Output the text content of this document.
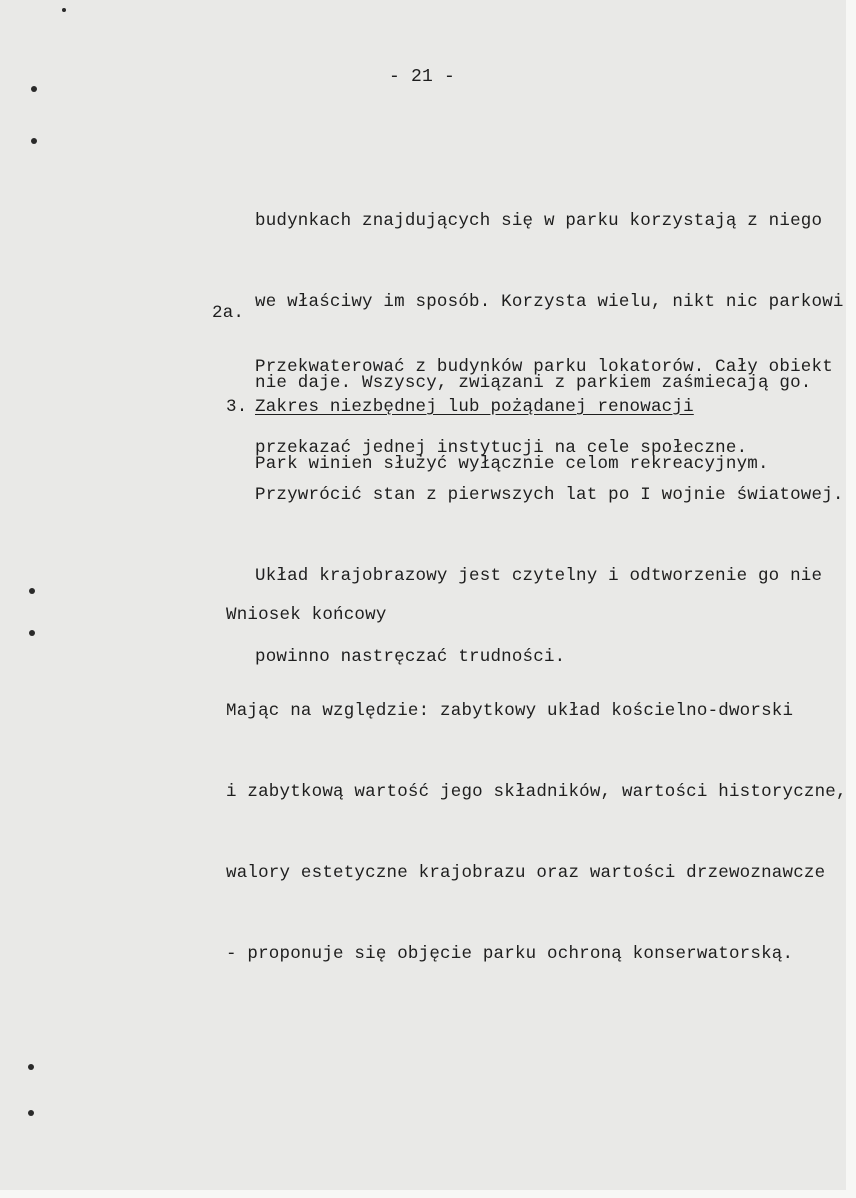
- 21 -

budynkach znajdujących się w parku korzystają z niego

we właściwy im sposób. Korzysta wielu, nikt nic parkowi

nie daje. Wszyscy, związani z parkiem zaśmiecają go.

Park winien służyć wyłącznie celom rekreacyjnym.

2a.

Przekwaterować z budynków parku lokatorów. Cały obiekt

przekazać jednej instytucji na cele społeczne.

3. Zakres niezbędnej lub pożądanej renowacji

Przywrócić stan z pierwszych lat po I wojnie światowej.

Układ krajobrazowy jest czytelny i odtworzenie go nie

powinno nastręczać trudności.

Wniosek końcowy

Mając na względzie: zabytkowy układ kościelno-dworski

i zabytkową wartość jego składników, wartości historyczne,

walory estetyczne krajobrazu oraz wartości drzewoznawcze

- proponuje się objęcie parku ochroną konserwatorską.
